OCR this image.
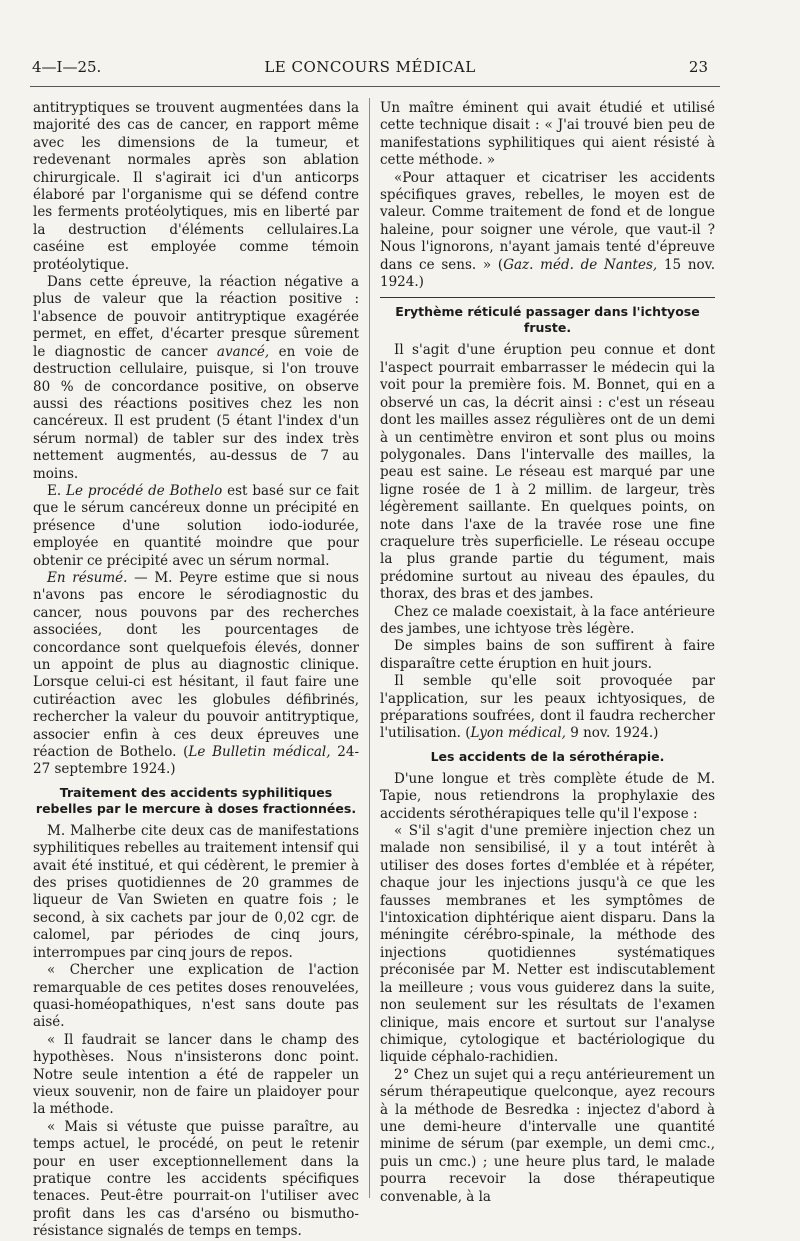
4—I—25.	LE CONCOURS MÉDICAL	23

antitryptiques se trouvent augmentées dans la majorité des cas de cancer, en rapport même avec les dimensions de la tumeur, et redevenant normales après son ablation chirurgicale. Il s'agirait ici d'un anticorps élaboré par l'organisme qui se défend contre les ferments protéolytiques, mis en liberté par la destruction d'éléments cellulaires.La caséine est employée comme témoin protéolytique.

Dans cette épreuve, la réaction négative a plus de valeur que la réaction positive : l'absence de pouvoir antitryptique exagérée permet, en effet, d'écarter presque sûrement le diagnostic de cancer avancé, en voie de destruction cellulaire, puisque, si l'on trouve 80 % de concordance positive, on observe aussi des réactions positives chez les non cancéreux. Il est prudent (5 étant l'index d'un sérum normal) de tabler sur des index très nettement augmentés, au-dessus de 7 au moins.

E. Le procédé de Bothelo est basé sur ce fait que le sérum cancéreux donne un précipité en présence d'une solution iodo-iodurée, employée en quantité moindre que pour obtenir ce précipité avec un sérum normal.

En résumé. — M. Peyre estime que si nous n'avons pas encore le sérodiagnostic du cancer, nous pouvons par des recherches associées, dont les pourcentages de concordance sont quelquefois élevés, donner un appoint de plus au diagnostic clinique. Lorsque celui-ci est hésitant, il faut faire une cutiréaction avec les globules défibrinés, rechercher la valeur du pouvoir antitryptique, associer enfin à ces deux épreuves une réaction de Bothelo. (Le Bulletin médical, 24-27 septembre 1924.)

Traitement des accidents syphilitiques rebelles par le mercure à doses fractionnées.

M. Malherbe cite deux cas de manifestations syphilitiques rebelles au traitement intensif qui avait été institué, et qui cédèrent, le premier à des prises quotidiennes de 20 grammes de liqueur de Van Swieten en quatre fois ; le second, à six cachets par jour de 0,02 cgr. de calomel, par périodes de cinq jours, interrompues par cinq jours de repos.

« Chercher une explication de l'action remarquable de ces petites doses renouvelées, quasi-homéopathiques, n'est sans doute pas aisé.

« Il faudrait se lancer dans le champ des hypothèses. Nous n'insisterons donc point. Notre seule intention a été de rappeler un vieux souvenir, non de faire un plaidoyer pour la méthode.

« Mais si vétuste que puisse paraître, au temps actuel, le procédé, on peut le retenir pour en user exceptionnellement dans la pratique contre les accidents spécifiques tenaces. Peut-être pourrait-on l'utiliser avec profit dans les cas d'arséno ou bismutho-résistance signalés de temps en temps.

Un maître éminent qui avait étudié et utilisé cette technique disait : « J'ai trouvé bien peu de manifestations syphilitiques qui aient résisté à cette méthode. »

«Pour attaquer et cicatriser les accidents spécifiques graves, rebelles, le moyen est de valeur. Comme traitement de fond et de longue haleine, pour soigner une vérole, que vaut-il ? Nous l'ignorons, n'ayant jamais tenté d'épreuve dans ce sens. » (Gaz. méd. de Nantes, 15 nov. 1924.)

Erythème réticulé passager dans l'ichtyose fruste.

Il s'agit d'une éruption peu connue et dont l'aspect pourrait embarrasser le médecin qui la voit pour la première fois. M. Bonnet, qui en a observé un cas, la décrit ainsi : c'est un réseau dont les mailles assez régulières ont de un demi à un centimètre environ et sont plus ou moins polygonales. Dans l'intervalle des mailles, la peau est saine. Le réseau est marqué par une ligne rosée de 1 à 2 millim. de largeur, très légèrement saillante. En quelques points, on note dans l'axe de la travée rose une fine craquelure très superficielle. Le réseau occupe la plus grande partie du tégument, mais prédomine surtout au niveau des épaules, du thorax, des bras et des jambes.

Chez ce malade coexistait, à la face antérieure des jambes, une ichtyose très légère.

De simples bains de son suffirent à faire disparaître cette éruption en huit jours.

Il semble qu'elle soit provoquée par l'application, sur les peaux ichtyosiques, de préparations soufrées, dont il faudra rechercher l'utilisation. (Lyon médical, 9 nov. 1924.)

Les accidents de la sérothérapie.

D'une longue et très complète étude de M. Tapie, nous retiendrons la prophylaxie des accidents sérothérapiques telle qu'il l'expose :

« S'il s'agit d'une première injection chez un malade non sensibilisé, il y a tout intérêt à utiliser des doses fortes d'emblée et à répéter, chaque jour les injections jusqu'à ce que les fausses membranes et les symptômes de l'intoxication diphtérique aient disparu. Dans la méningite cérébro-spinale, la méthode des injections quotidiennes systématiques préconisée par M. Netter est indiscutablement la meilleure ; vous vous guiderez dans la suite, non seulement sur les résultats de l'examen clinique, mais encore et surtout sur l'analyse chimique, cytologique et bactériologique du liquide céphalo-rachidien.

2° Chez un sujet qui a reçu antérieurement un sérum thérapeutique quelconque, ayez recours à la méthode de Besredka : injectez d'abord à une demi-heure d'intervalle une quantité minime de sérum (par exemple, un demi cmc., puis un cmc.) ; une heure plus tard, le malade pourra recevoir la dose thérapeutique convenable, à la
